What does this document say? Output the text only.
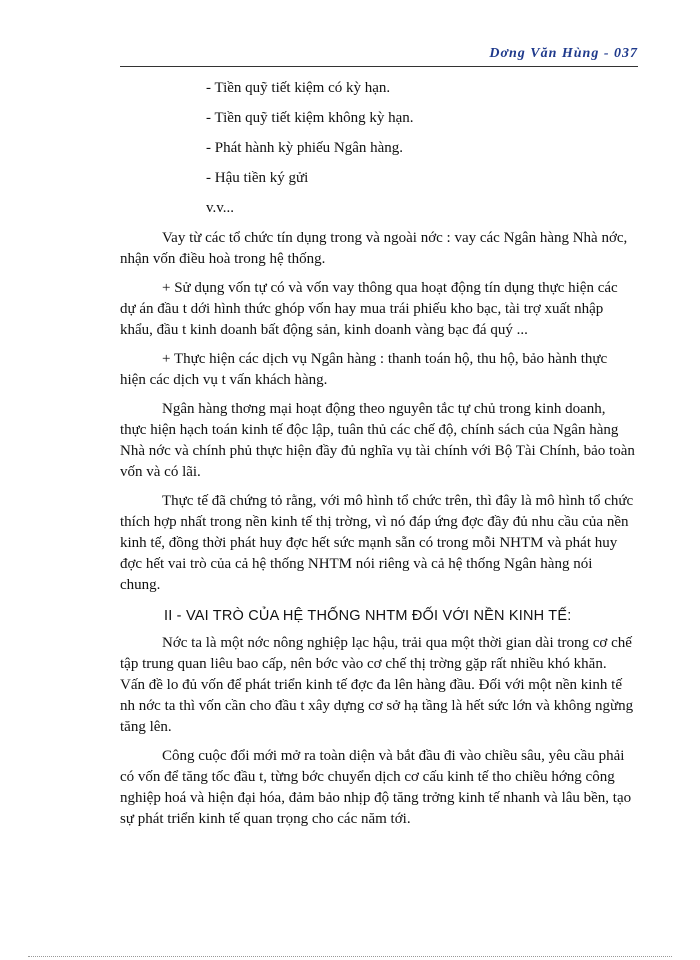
Dơng Văn Hùng - 037

- Tiền quỹ tiết kiệm có kỳ hạn.

- Tiền quỹ tiết kiệm không kỳ hạn.

- Phát hành kỳ phiếu Ngân hàng.

- Hậu tiền ký gửi

v.v...

Vay từ các tổ chức tín dụng trong và ngoài nớc : vay các Ngân hàng Nhà nớc, nhận vốn điều hoà trong hệ thống.

+ Sử dụng vốn tự có và vốn vay thông qua hoạt động tín dụng thực hiện các dự án đầu t dới hình thức ghóp vốn hay mua trái phiếu kho bạc, tài trợ xuất nhập khẩu, đầu t kinh doanh bất động sản, kinh doanh vàng bạc đá quý ...

+ Thực hiện các dịch vụ Ngân hàng : thanh toán hộ, thu hộ, bảo hành thực hiện các dịch vụ t vấn khách hàng.

Ngân hàng thơng mại hoạt động theo nguyên tắc tự chủ trong kinh doanh, thực hiện hạch toán kinh tế độc lập, tuân thủ các chế độ, chính sách của Ngân hàng Nhà nớc và chính phủ thực hiện đầy đủ nghĩa vụ tài chính với Bộ Tài Chính, bảo toàn vốn và có lãi.

Thực tế đã chứng tỏ rằng, với mô hình tổ chức trên, thì đây là mô hình tổ chức thích hợp nhất trong nền kinh tế thị trờng, vì nó đáp ứng đợc đầy đủ nhu cầu của nền kinh tế, đồng thời phát huy đợc hết sức mạnh sẵn có trong mỗi NHTM và phát huy đợc hết vai trò của cả hệ thống NHTM nói riêng và cả hệ thống Ngân hàng nói chung.

II - VAI TRÒ CỦA HỆ THỐNG NHTM ĐỐI VỚI NỀN KINH TẾ:

Nớc ta là một nớc nông nghiệp lạc hậu, trải qua một thời gian dài trong cơ chế tập trung quan liêu bao cấp, nên bớc vào cơ chế thị trờng gặp rất nhiều khó khăn. Vấn đề lo đủ vốn để phát triển kinh tế đợc đa lên hàng đầu. Đối với một nền kinh tế nh nớc ta thì vốn cần cho đầu t xây dựng cơ sở hạ tầng là hết sức lớn và không ngừng tăng lên.

Công cuộc đổi mới mở ra toàn diện và bắt đầu đi vào chiều sâu, yêu cầu phải có vốn để tăng tốc đầu t, từng bớc chuyển dịch cơ cấu kinh tế tho chiều hớng công nghiệp hoá và hiện đại hóa, đảm bảo nhịp độ tăng trởng kinh tế nhanh và lâu bền, tạo sự phát triển kinh tế quan trọng cho các năm tới.
